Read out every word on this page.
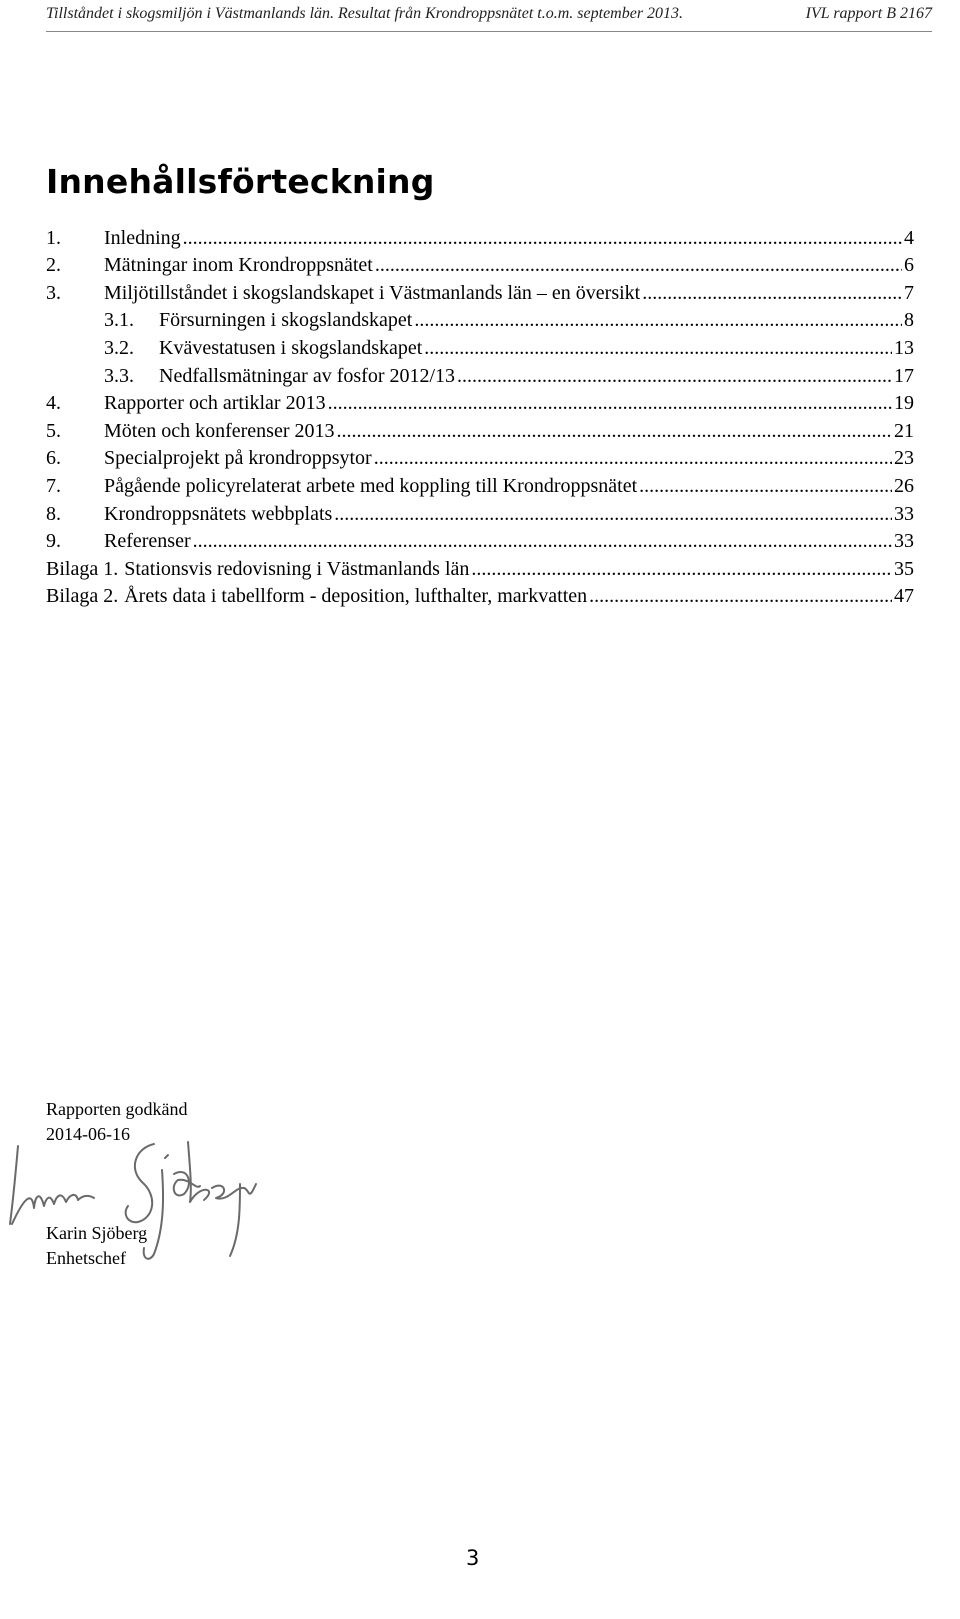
Tillståndet i skogsmiljön i Västmanlands län. Resultat från Krondroppsnätet t.o.m. september 2013.	IVL rapport B 2167
Innehållsförteckning
1.	Inledning .....	4
2.	Mätningar inom Krondroppsnätet .....	6
3.	Miljötillståndet i skogslandskapet i Västmanlands län – en översikt .....	7
3.1.	Försurningen i skogslandskapet .....	8
3.2.	Kvävestatusen i skogslandskapet .....	13
3.3.	Nedfallsmätningar av fosfor 2012/13 .....	17
4.	Rapporter och artiklar 2013 .....	19
5.	Möten och konferenser 2013 .....	21
6.	Specialprojekt på krondroppsytor .....	23
7.	Pågående policyrelaterat arbete med koppling till Krondroppsnätet .....	26
8.	Krondroppsnätets webbplats .....	33
9.	Referenser .....	33
Bilaga 1. Stationsvis redovisning i Västmanlands län .....	35
Bilaga 2. Årets data i tabellform - deposition, lufthalter, markvatten .....	47
Rapporten godkänd
2014-06-16
Karin Sjöberg
Enhetschef
3
